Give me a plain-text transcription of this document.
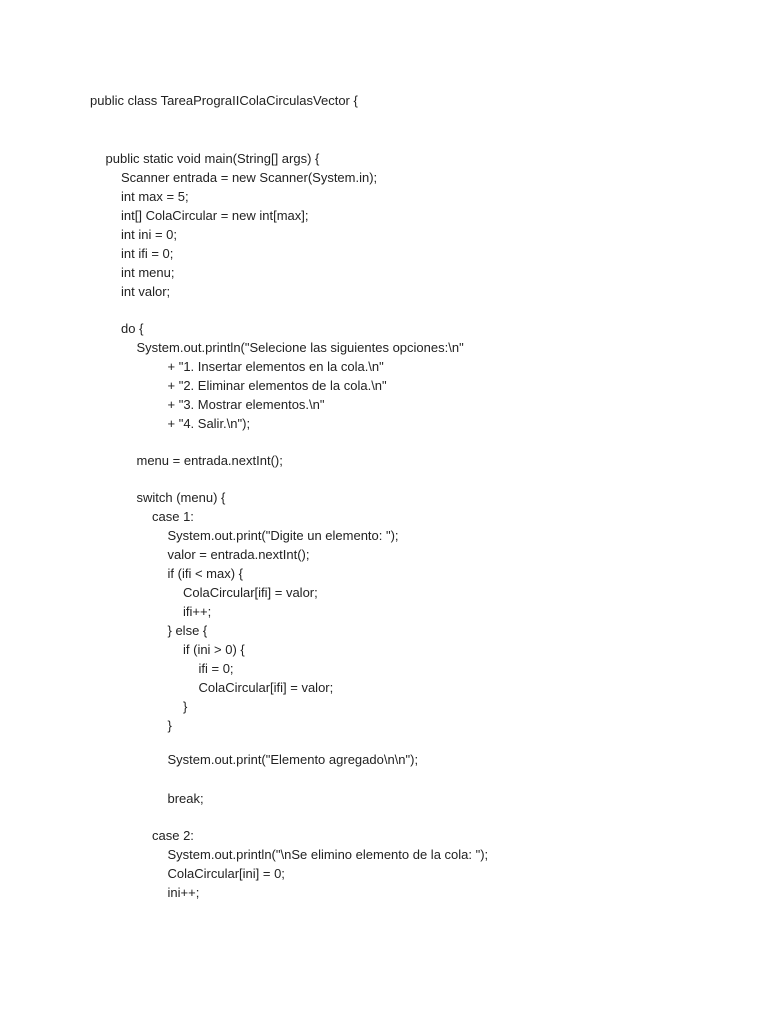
public class TareaPrograIIColaCirculasVector {
public static void main(String[] args) {
Scanner entrada = new Scanner(System.in);
int max = 5;
int[] ColaCircular = new int[max];
int ini = 0;
int ifi = 0;
int menu;
int valor;
do {
System.out.println("Selecione las siguientes opciones:\n"
+ "1. Insertar elementos en la cola.\n"
+ "2. Eliminar elementos de la cola.\n"
+ "3. Mostrar elementos.\n"
+ "4. Salir.\n");
menu = entrada.nextInt();
switch (menu) {
case 1:
System.out.print("Digite un elemento: ");
valor = entrada.nextInt();
if (ifi < max) {
ColaCircular[ifi] = valor;
ifi++;
} else {
if (ini > 0) {
ifi = 0;
ColaCircular[ifi] = valor;
}
}
System.out.print("Elemento agregado\n\n");
break;
case 2:
System.out.println("\nSe elimino elemento de la cola: ");
ColaCircular[ini] = 0;
ini++;
